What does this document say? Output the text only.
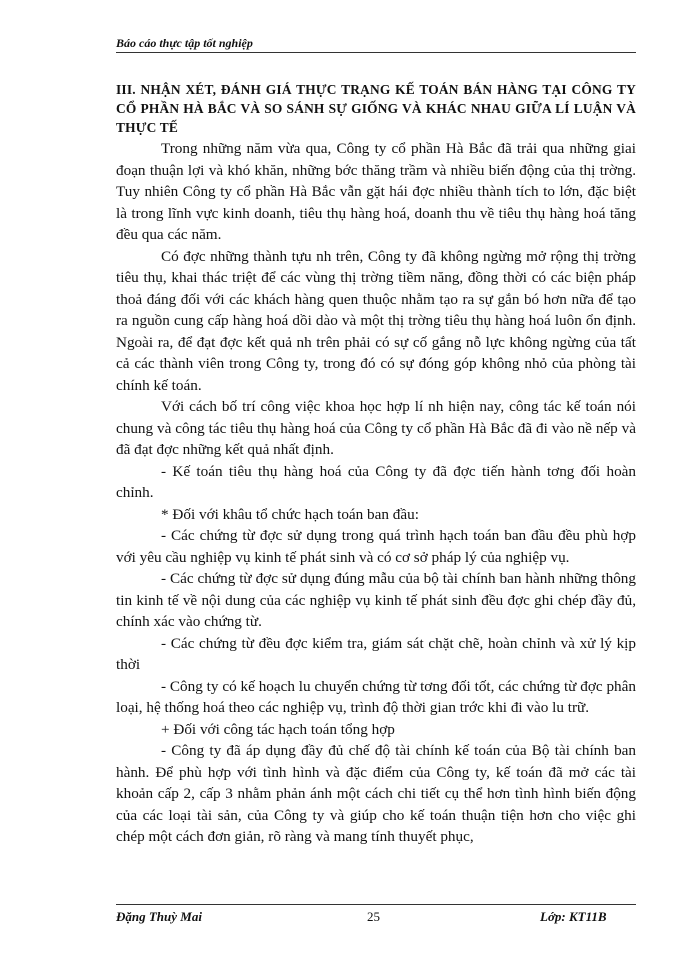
Báo cáo thực tập tốt nghiệp
III. NHẬN XÉT, ĐÁNH GIÁ THỰC TRẠNG KẾ TOÁN BÁN HÀNG TẠI CÔNG TY CỔ PHẦN HÀ BẮC VÀ SO SÁNH SỰ GIỐNG VÀ KHÁC NHAU GIỮA LÍ LUẬN VÀ THỰC TẾ

Trong những năm vừa qua, Công ty cổ phần Hà Bắc đã trải qua những giai đoạn thuận lợi và khó khăn, những bớc thăng trầm và nhiều biến động của thị trờng. Tuy nhiên Công ty cổ phần Hà Bắc vẫn gặt hái đợc nhiều thành tích to lớn, đặc biệt là trong lĩnh vực kinh doanh, tiêu thụ hàng hoá, doanh thu về tiêu thụ hàng hoá tăng đều qua các năm.

Có đợc những thành tựu nh trên, Công ty đã không ngừng mở rộng thị trờng tiêu thụ, khai thác triệt để các vùng thị trờng tiềm năng, đồng thời có các biện pháp thoả đáng đối với các khách hàng quen thuộc nhằm tạo ra sự gắn bó hơn nữa để tạo ra nguồn cung cấp hàng hoá dồi dào và một thị trờng tiêu thụ hàng hoá luôn ổn định. Ngoài ra, để đạt đợc kết quả nh trên phải có sự cố gắng nỗ lực không ngừng của tất cả các thành viên trong Công ty, trong đó có sự đóng góp không nhỏ của phòng tài chính kế toán.

Với cách bố trí công việc khoa học hợp lí nh hiện nay, công tác kế toán nói chung và công tác tiêu thụ hàng hoá của Công ty cổ phần Hà Bắc đã đi vào nề nếp và đã đạt đợc những kết quả nhất định.

- Kế toán tiêu thụ hàng hoá của Công ty đã đợc tiến hành tơng đối hoàn chỉnh.

* Đối với khâu tổ chức hạch toán ban đầu:

- Các chứng từ đợc sử dụng trong quá trình hạch toán ban đầu đều phù hợp với yêu cầu nghiệp vụ kinh tế phát sinh và có cơ sở pháp lý của nghiệp vụ.

- Các chứng từ đợc sử dụng đúng mẫu của bộ tài chính ban hành những thông tin kinh tế về nội dung của các nghiệp vụ kinh tế phát sinh đều đợc ghi chép đầy đủ, chính xác vào chứng từ.

- Các chứng từ đều đợc kiểm tra, giám sát chặt chẽ, hoàn chỉnh và xử lý kịp thời

- Công ty có kế hoạch lu chuyển chứng từ tơng đối tốt, các chứng từ đợc phân loại, hệ thống hoá theo các nghiệp vụ, trình độ thời gian trớc khi đi vào lu trữ.

+ Đối với công tác hạch toán tổng hợp

- Công ty đã áp dụng đầy đủ chế độ tài chính kế toán của Bộ tài chính ban hành. Để phù hợp với tình hình và đặc điểm của Công ty, kế toán đã mở các tài khoản cấp 2, cấp 3 nhằm phản ánh một cách chi tiết cụ thể hơn tình hình biến động của các loại tài sản, của Công ty và giúp cho kế toán thuận tiện hơn cho việc ghi chép một cách đơn giản, rõ ràng và mang tính thuyết phục,

Đặng Thuỳ Mai	25	Lớp: KT11B
